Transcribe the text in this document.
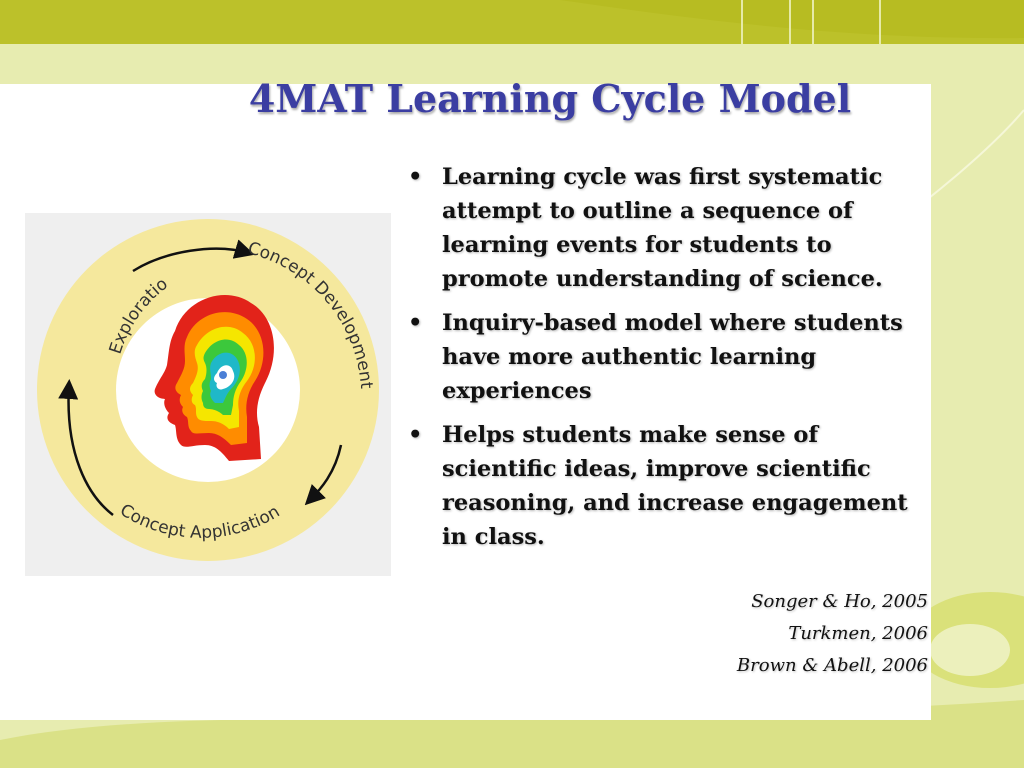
4MAT Learning Cycle Model
Exploratio
Concept Development
Concept Application
• Learning cycle was first systematic attempt to outline a sequence of learning events for students to promote understanding of science.
• Inquiry-based model where students have more authentic learning experiences
• Helps students make sense of scientific ideas, improve scientific reasoning, and increase engagement in class.
Songer & Ho, 2005
Turkmen, 2006
Brown & Abell, 2006
